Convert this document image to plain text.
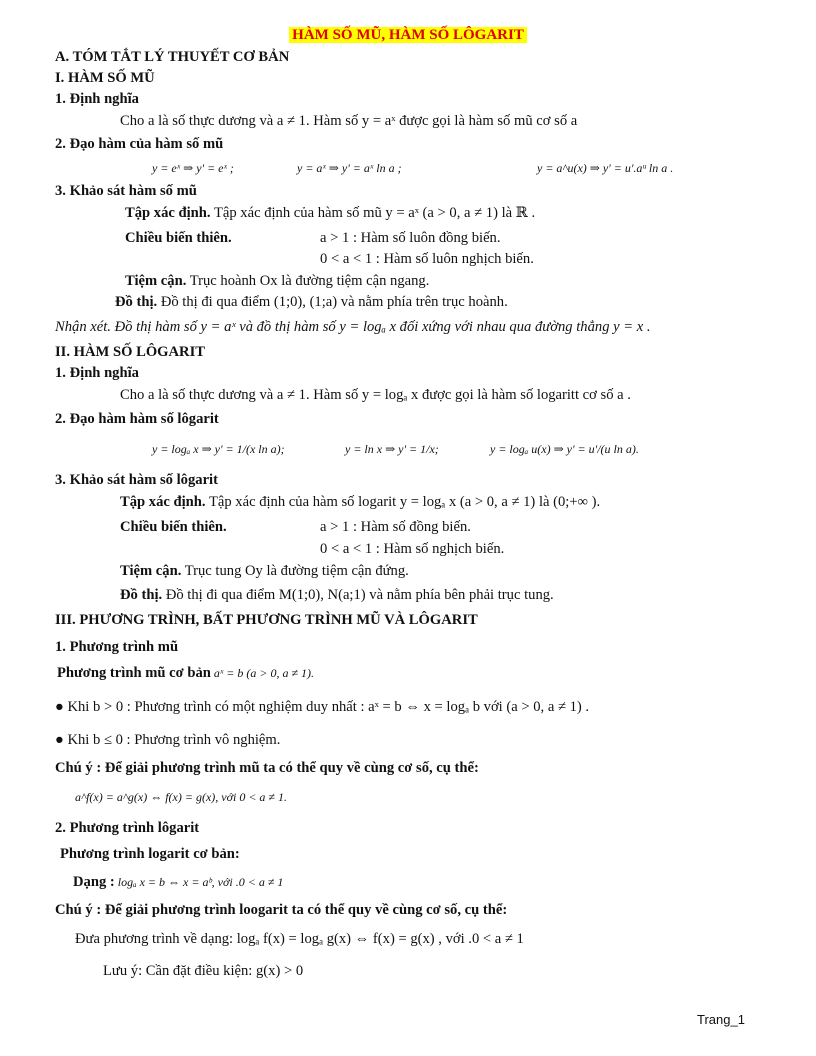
HÀM SỐ MŨ, HÀM SỐ LÔGARIT
A. TÓM TẮT LÝ THUYẾT CƠ BẢN
I. HÀM SỐ MŨ
1. Định nghĩa
Cho a là số thực dương và a ≠ 1. Hàm số y = aˣ được gọi là hàm số mũ cơ số a
2. Đạo hàm của hàm số mũ
y = eˣ ⇒ y' = eˣ ;	y = aˣ ⇒ y' = aˣ ln a ;	y = a^u(x) ⇒ y' = u'.aᵘ ln a .
3. Khảo sát hàm số mũ
Tập xác định. Tập xác định của hàm số mũ y = aˣ (a > 0, a ≠ 1) là ℝ .
Chiều biến thiên.	a > 1 : Hàm số luôn đồng biến.
0 < a < 1 : Hàm số luôn nghịch biến.
Tiệm cận. Trục hoành Ox là đường tiệm cận ngang.
Đồ thị. Đồ thị đi qua điểm (1;0), (1;a) và nằm phía trên trục hoành.
Nhận xét. Đồ thị hàm số y = aˣ và đồ thị hàm số y = logₐ x đối xứng với nhau qua đường thẳng y = x .
II. HÀM SỐ LÔGARIT
1. Định nghĩa
Cho a là số thực dương và a ≠ 1. Hàm số y = logₐ x được gọi là hàm số logaritt cơ số a .
2. Đạo hàm hàm số lôgarit
y = logₐ x ⇒ y' = 1/(x ln a);	y = ln x ⇒ y' = 1/x;	y = logₐ u(x) ⇒ y' = u'/(u ln a).
3. Khảo sát hàm số lôgarit
Tập xác định. Tập xác định của hàm số logarit y = logₐ x (a > 0, a ≠ 1) là (0;+∞ ).
Chiều biến thiên.	a > 1 : Hàm số đồng biến.
0 < a < 1 : Hàm số nghịch biến.
Tiệm cận. Trục tung Oy là đường tiệm cận đứng.
Đồ thị. Đồ thị đi qua điểm M(1;0), N(a;1) và nằm phía bên phải trục tung.
III. PHƯƠNG TRÌNH, BẤT PHƯƠNG TRÌNH MŨ VÀ LÔGARIT
1. Phương trình mũ
Phương trình mũ cơ bản aˣ = b (a > 0, a ≠ 1).
● Khi b > 0 : Phương trình có một nghiệm duy nhất : aˣ = b ⇔ x = logₐ b với (a > 0, a ≠ 1) .
● Khi b ≤ 0 : Phương trình vô nghiệm.
Chú ý : Để giải phương trình mũ ta có thể quy về cùng cơ số, cụ thể:
a^f(x) = a^g(x) ⇔ f(x) = g(x), với 0 < a ≠ 1.
2. Phương trình lôgarit
Phương trình logarit cơ bản:
Dạng : logₐ x = b ⇔ x = aᵇ, với .0 < a ≠ 1
Chú ý : Để giải phương trình loogarit ta có thể quy về cùng cơ số, cụ thể:
Đưa phương trình về dạng: logₐ f(x) = logₐ g(x) ⇔ f(x) = g(x) , với .0 < a ≠ 1
Lưu ý: Cần đặt điều kiện: g(x) > 0
Trang_1
